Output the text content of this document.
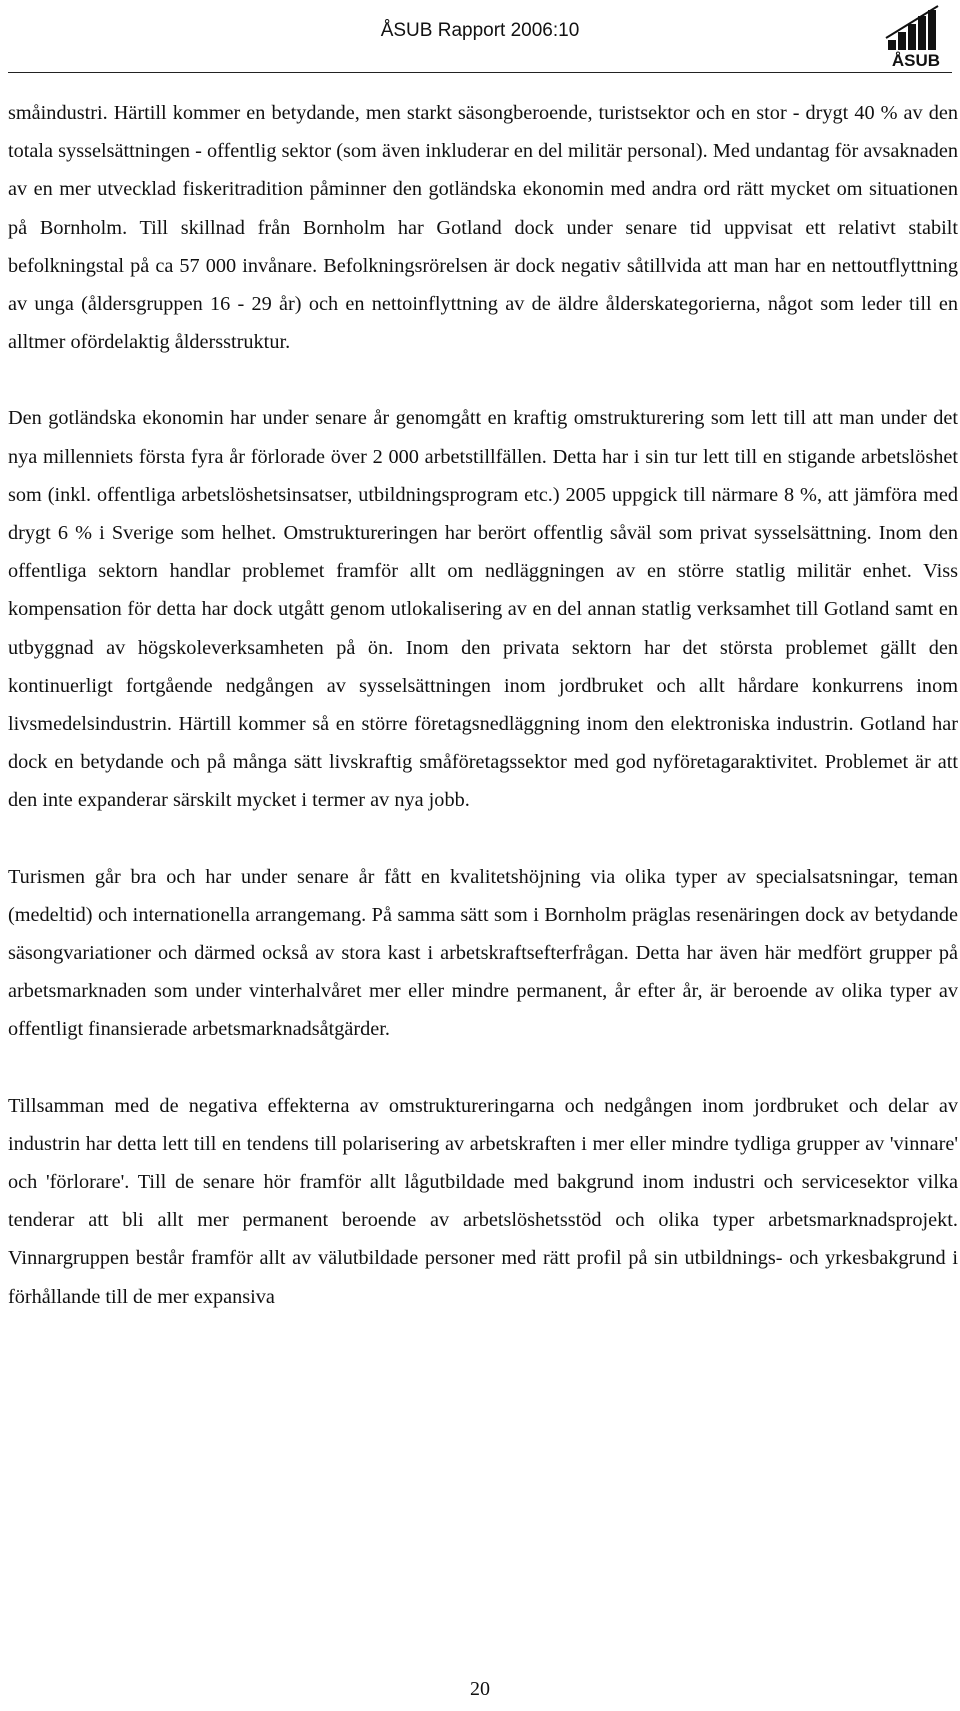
ÅSUB Rapport 2006:10
ÅSUB

småindustri. Härtill kommer en betydande, men starkt säsongberoende, turistsektor och en stor - drygt 40 % av den totala sysselsättningen - offentlig sektor (som även inkluderar en del militär personal). Med undantag för avsaknaden av en mer utvecklad fiskeritradition påminner den gotländska ekonomin med andra ord rätt mycket om situationen på Bornholm. Till skillnad från Bornholm har Gotland dock under senare tid uppvisat ett relativt stabilt befolkningstal på ca 57 000 invånare. Befolkningsrörelsen är dock negativ såtillvida att man har en nettoutflyttning av unga (åldersgruppen 16 - 29 år) och en nettoinflyttning av de äldre ålderskategorierna, något som leder till en alltmer ofördelaktig åldersstruktur.

Den gotländska ekonomin har under senare år genomgått en kraftig omstrukturering som lett till att man under det nya millenniets första fyra år förlorade över 2 000 arbetstillfällen. Detta har i sin tur lett till en stigande arbetslöshet som (inkl. offentliga arbetslöshetsinsatser, utbildningsprogram etc.) 2005 uppgick till närmare 8 %, att jämföra med drygt 6 % i Sverige som helhet. Omstruktureringen har berört offentlig såväl som privat sysselsättning. Inom den offentliga sektorn handlar problemet framför allt om nedläggningen av en större statlig militär enhet. Viss kompensation för detta har dock utgått genom utlokalisering av en del annan statlig verksamhet till Gotland samt en utbyggnad av högskoleverksamheten på ön. Inom den privata sektorn har det största problemet gällt den kontinuerligt fortgående nedgången av sysselsättningen inom jordbruket och allt hårdare konkurrens inom livsmedelsindustrin. Härtill kommer så en större företagsnedläggning inom den elektroniska industrin. Gotland har dock en betydande och på många sätt livskraftig småföretagssektor med god nyföretagaraktivitet. Problemet är att den inte expanderar särskilt mycket i termer av nya jobb.

Turismen går bra och har under senare år fått en kvalitetshöjning via olika typer av specialsatsningar, teman (medeltid) och internationella arrangemang. På samma sätt som i Bornholm präglas resenäringen dock av betydande säsongvariationer och därmed också av stora kast i arbetskraftsefterfrågan. Detta har även här medfört grupper på arbetsmarknaden som under vinterhalvåret mer eller mindre permanent, år efter år, är beroende av olika typer av offentligt finansierade arbetsmarknadsåtgärder.

Tillsamman med de negativa effekterna av omstruktureringarna och nedgången inom jordbruket och delar av industrin har detta lett till en tendens till polarisering av arbetskraften i mer eller mindre tydliga grupper av 'vinnare' och 'förlorare'. Till de senare hör framför allt lågutbildade med bakgrund inom industri och servicesektor vilka tenderar att bli allt mer permanent beroende av arbetslöshetsstöd och olika typer arbetsmarknadsprojekt. Vinnargruppen består framför allt av välutbildade personer med rätt profil på sin utbildnings- och yrkesbakgrund i förhållande till de mer expansiva

20
